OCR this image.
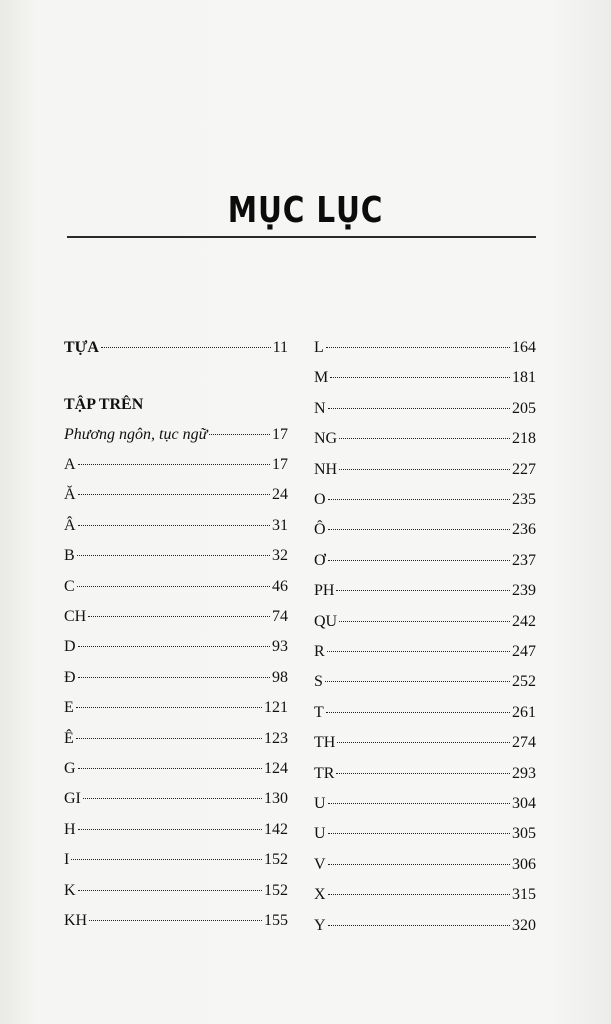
MỤC LỤC
TỰA	11
TẬP TRÊN
Phương ngôn, tục ngữ	17
A	17
Ă	24
Â	31
B	32
C	46
CH	74
D	93
Đ	98
E	121
Ê	123
G	124
GI	130
H	142
I	152
K	152
KH	155
L	164
M	181
N	205
NG	218
NH	227
O	235
Ô	236
Ơ	237
PH	239
QU	242
R	247
S	252
T	261
TH	274
TR	293
U	304
U	305
V	306
X	315
Y	320
